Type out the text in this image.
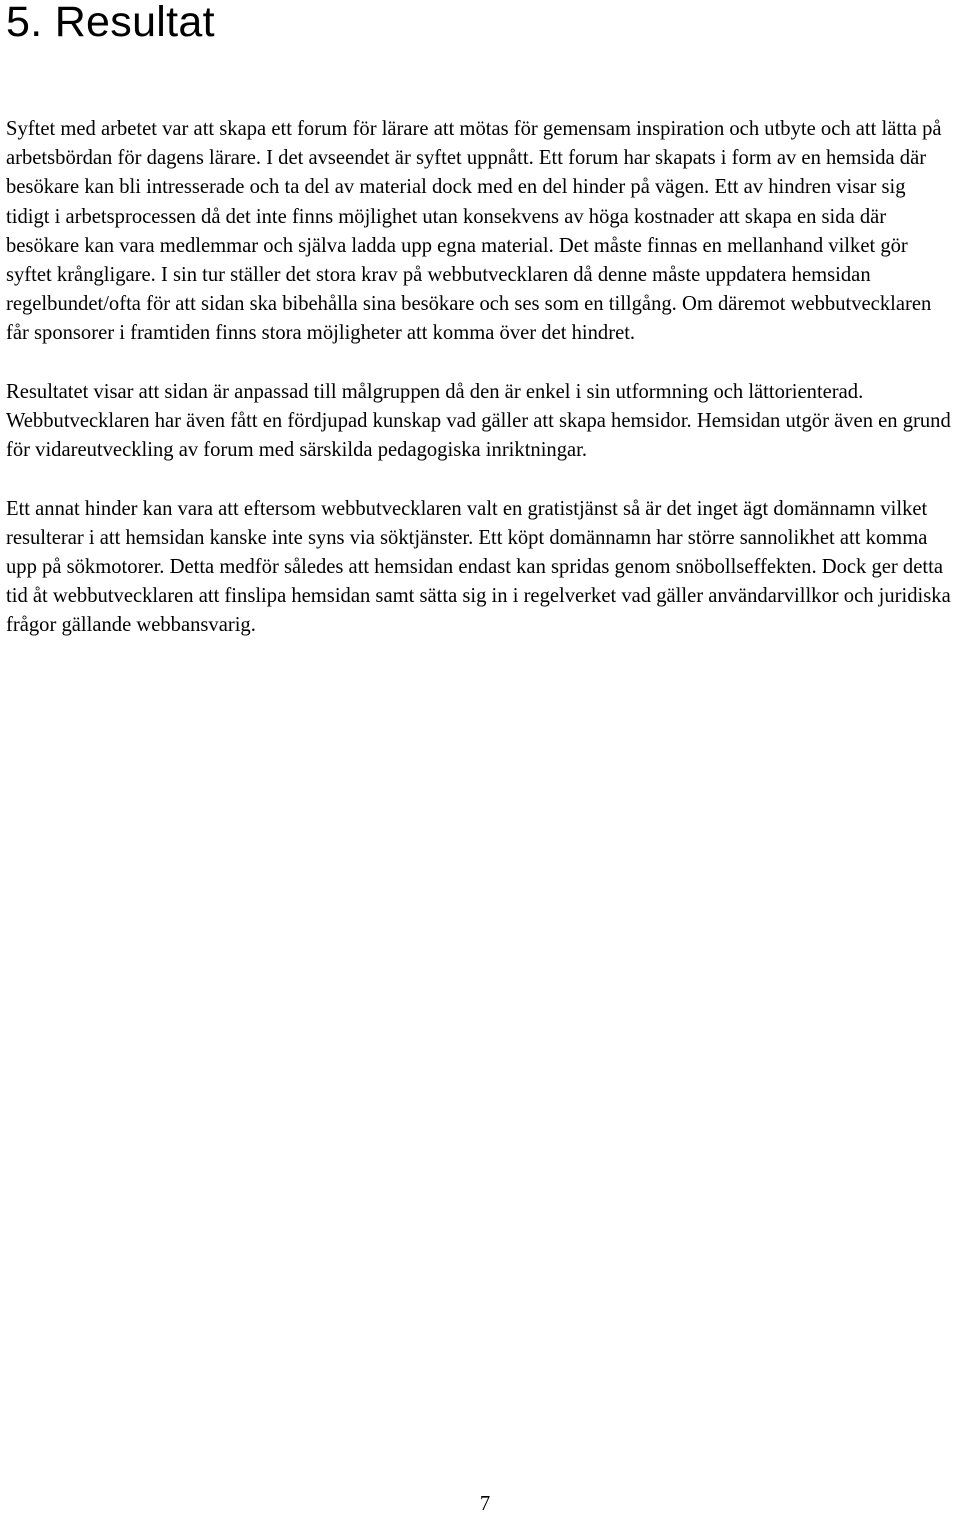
5. Resultat

Syftet med arbetet var att skapa ett forum för lärare att mötas för gemensam inspiration och utbyte och att lätta på arbetsbördan för dagens lärare. I det avseendet är syftet uppnått. Ett forum har skapats i form av en hemsida där besökare kan bli intresserade och ta del av material dock med en del hinder på vägen. Ett av hindren visar sig tidigt i arbetsprocessen då det inte finns möjlighet utan konsekvens av höga kostnader att skapa en sida där besökare kan vara medlemmar och själva ladda upp egna material. Det måste finnas en mellanhand vilket gör syftet krångligare. I sin tur ställer det stora krav på webbutvecklaren då denne måste uppdatera hemsidan regelbundet/ofta för att sidan ska bibehålla sina besökare och ses som en tillgång. Om däremot webbutvecklaren får sponsorer i framtiden finns stora möjligheter att komma över det hindret.

Resultatet visar att sidan är anpassad till målgruppen då den är enkel i sin utformning och lättorienterad. Webbutvecklaren har även fått en fördjupad kunskap vad gäller att skapa hemsidor. Hemsidan utgör även en grund för vidareutveckling av forum med särskilda pedagogiska inriktningar.

Ett annat hinder kan vara att eftersom webbutvecklaren valt en gratistjänst så är det inget ägt domännamn vilket resulterar i att hemsidan kanske inte syns via söktjänster. Ett köpt domännamn har större sannolikhet att komma upp på sökmotorer. Detta medför således att hemsidan endast kan spridas genom snöbollseffekten. Dock ger detta tid åt webbutvecklaren att finslipa hemsidan samt sätta sig in i regelverket vad gäller användarvillkor och juridiska frågor gällande webbansvarig.

7
